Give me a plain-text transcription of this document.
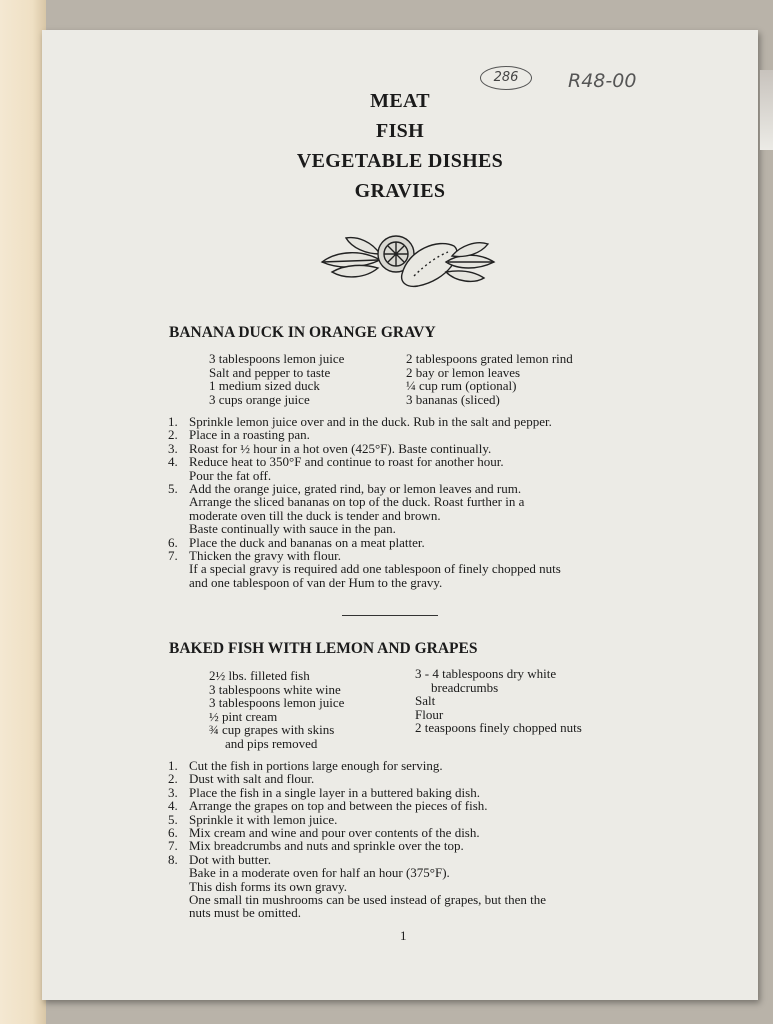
286	R48-00
MEAT
FISH
VEGETABLE DISHES
GRAVIES
BANANA DUCK IN ORANGE GRAVY
3 tablespoons lemon juice
Salt and pepper to taste
1 medium sized duck
3 cups orange juice
2 tablespoons grated lemon rind
2 bay or lemon leaves
¼ cup rum (optional)
3 bananas (sliced)
1. Sprinkle lemon juice over and in the duck. Rub in the salt and pepper.
2. Place in a roasting pan.
3. Roast for ½ hour in a hot oven (425°F). Baste continually.
4. Reduce heat to 350°F and continue to roast for another hour.
Pour the fat off.
5. Add the orange juice, grated rind, bay or lemon leaves and rum.
Arrange the sliced bananas on top of the duck. Roast further in a
moderate oven till the duck is tender and brown.
Baste continually with sauce in the pan.
6. Place the duck and bananas on a meat platter.
7. Thicken the gravy with flour.
If a special gravy is required add one tablespoon of finely chopped nuts
and one tablespoon of van der Hum to the gravy.
BAKED FISH WITH LEMON AND GRAPES
2½ lbs. filleted fish
3 tablespoons white wine
3 tablespoons lemon juice
½ pint cream
¾ cup grapes with skins
and pips removed
3 - 4 tablespoons dry white
breadcrumbs
Salt
Flour
2 teaspoons finely chopped nuts
1. Cut the fish in portions large enough for serving.
2. Dust with salt and flour.
3. Place the fish in a single layer in a buttered baking dish.
4. Arrange the grapes on top and between the pieces of fish.
5. Sprinkle it with lemon juice.
6. Mix cream and wine and pour over contents of the dish.
7. Mix breadcrumbs and nuts and sprinkle over the top.
8. Dot with butter.
Bake in a moderate oven for half an hour (375°F).
This dish forms its own gravy.
One small tin mushrooms can be used instead of grapes, but then the
nuts must be omitted.
1
